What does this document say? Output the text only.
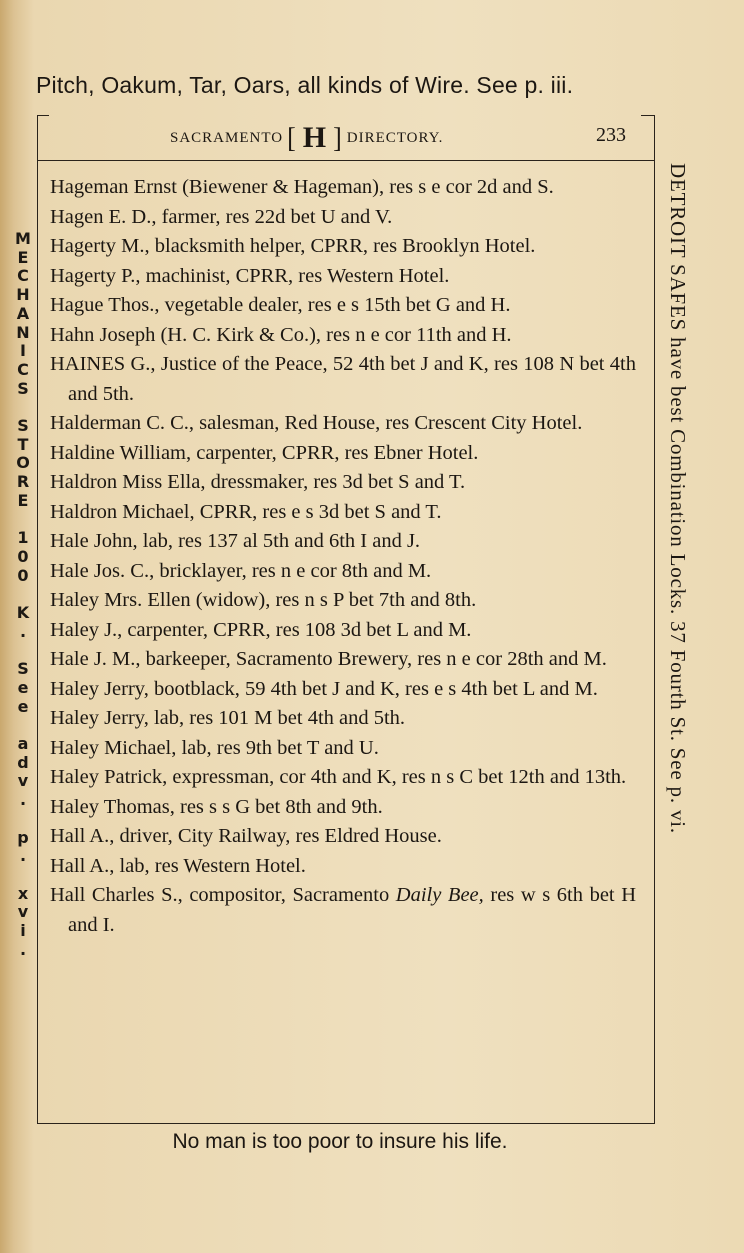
Pitch, Oakum, Tar, Oars, all kinds of Wire. See p. iii.
SACRAMENTO [ H ] DIRECTORY.	233
Hageman Ernst (Biewener & Hageman), res s e cor 2d and S.
Hagen E. D., farmer, res 22d bet U and V.
Hagerty M., blacksmith helper, CPRR, res Brooklyn Hotel.
Hagerty P., machinist, CPRR, res Western Hotel.
Hague Thos., vegetable dealer, res e s 15th bet G and H.
Hahn Joseph (H. C. Kirk & Co.), res n e cor 11th and H.
HAINES G., Justice of the Peace, 52 4th bet J and K, res 108 N bet 4th and 5th.
Halderman C. C., salesman, Red House, res Crescent City Hotel.
Haldine William, carpenter, CPRR, res Ebner Hotel.
Haldron Miss Ella, dressmaker, res 3d bet S and T.
Haldron Michael, CPRR, res e s 3d bet S and T.
Hale John, lab, res 137 al 5th and 6th I and J.
Hale Jos. C., bricklayer, res n e cor 8th and M.
Haley Mrs. Ellen (widow), res n s P bet 7th and 8th.
Haley J., carpenter, CPRR, res 108 3d bet L and M.
Hale J. M., barkeeper, Sacramento Brewery, res n e cor 28th and M.
Haley Jerry, bootblack, 59 4th bet J and K, res e s 4th bet L and M.
Haley Jerry, lab, res 101 M bet 4th and 5th.
Haley Michael, lab, res 9th bet T and U.
Haley Patrick, expressman, cor 4th and K, res n s C bet 12th and 13th.
Haley Thomas, res s s G bet 8th and 9th.
Hall A., driver, City Railway, res Eldred House.
Hall A., lab, res Western Hotel.
Hall Charles S., compositor, Sacramento Daily Bee, res w s 6th bet H and I.
DETROIT SAFES have best Combination Locks. 37 Fourth St. See p. vi.
M
E
C
H
A
N
I
C
S

S
T
O
R
E

1
0
0

K
.

S
e
e

a
d
v
.

p
.

x
v
i
.
No man is too poor to insure his life.
